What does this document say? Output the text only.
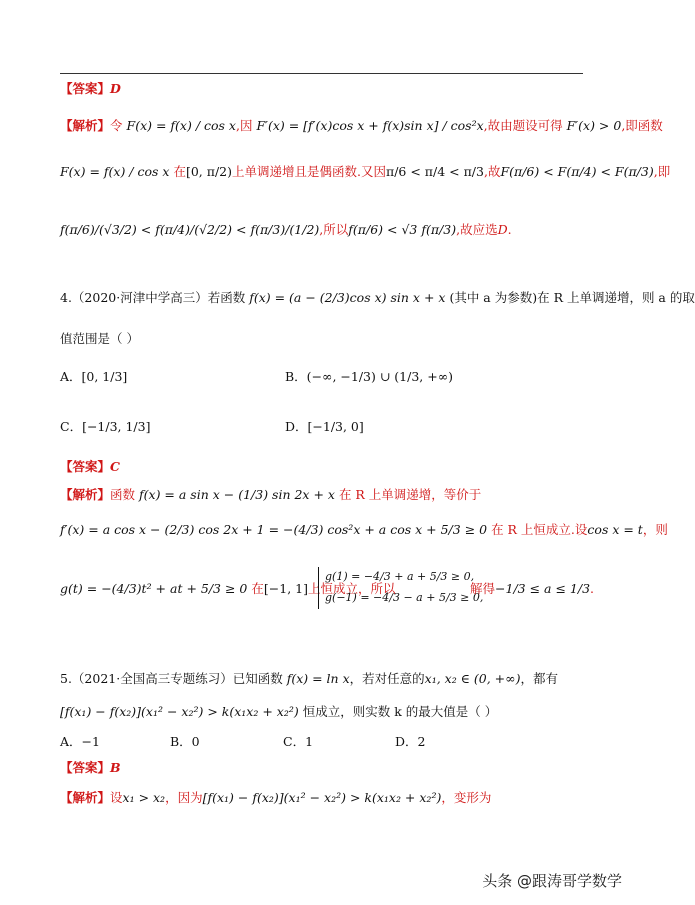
【答案】D
【解析】令 F(x) = f(x) / cos x,因 F′(x) = [f′(x)cos x + f(x)sin x] / cos²x,故由题设可得 F′(x) > 0,即函数
F(x) = f(x) / cos x 在[0, π/2)上单调递增且是偶函数.又因π/6 < π/4 < π/3,故F(π/6) < F(π/4) < F(π/3),即
f(π/6)/(√3/2) < f(π/4)/(√2/2) < f(π/3)/(1/2),所以f(π/6) < √3 f(π/3),故应选D.
4.（2020·河津中学高三）若函数 f(x) = (a − (2/3)cos x) sin x + x (其中 a 为参数)在 R 上单调递增，则 a 的取
值范围是（ ）
A．[0, 1/3]	B．(−∞, −1/3) ∪ (1/3, +∞)
C．[−1/3, 1/3]	D．[−1/3, 0]
【答案】C
【解析】函数 f(x) = a sin x − (1/3) sin 2x + x 在 R 上单调递增，等价于
f′(x) = a cos x − (2/3) cos 2x + 1 = −(4/3) cos²x + a cos x + 5/3 ≥ 0 在 R 上恒成立.设cos x = t，则
g(t) = −(4/3)t² + at + 5/3 ≥ 0 在[−1, 1]上恒成立，所以
g(1) = −4/3 + a + 5/3 ≥ 0,
g(−1) = −4/3 − a + 5/3 ≥ 0,
解得−1/3 ≤ a ≤ 1/3.
5.（2021·全国高三专题练习）已知函数 f(x) = ln x，若对任意的x₁, x₂ ∈ (0, +∞)，都有
[f(x₁) − f(x₂)](x₁² − x₂²) > k(x₁x₂ + x₂²) 恒成立，则实数 k 的最大值是（ ）
A．−1	B．0	C．1	D．2
【答案】B
【解析】设x₁ > x₂，因为[f(x₁) − f(x₂)](x₁² − x₂²) > k(x₁x₂ + x₂²)，变形为
头条 @跟涛哥学数学
